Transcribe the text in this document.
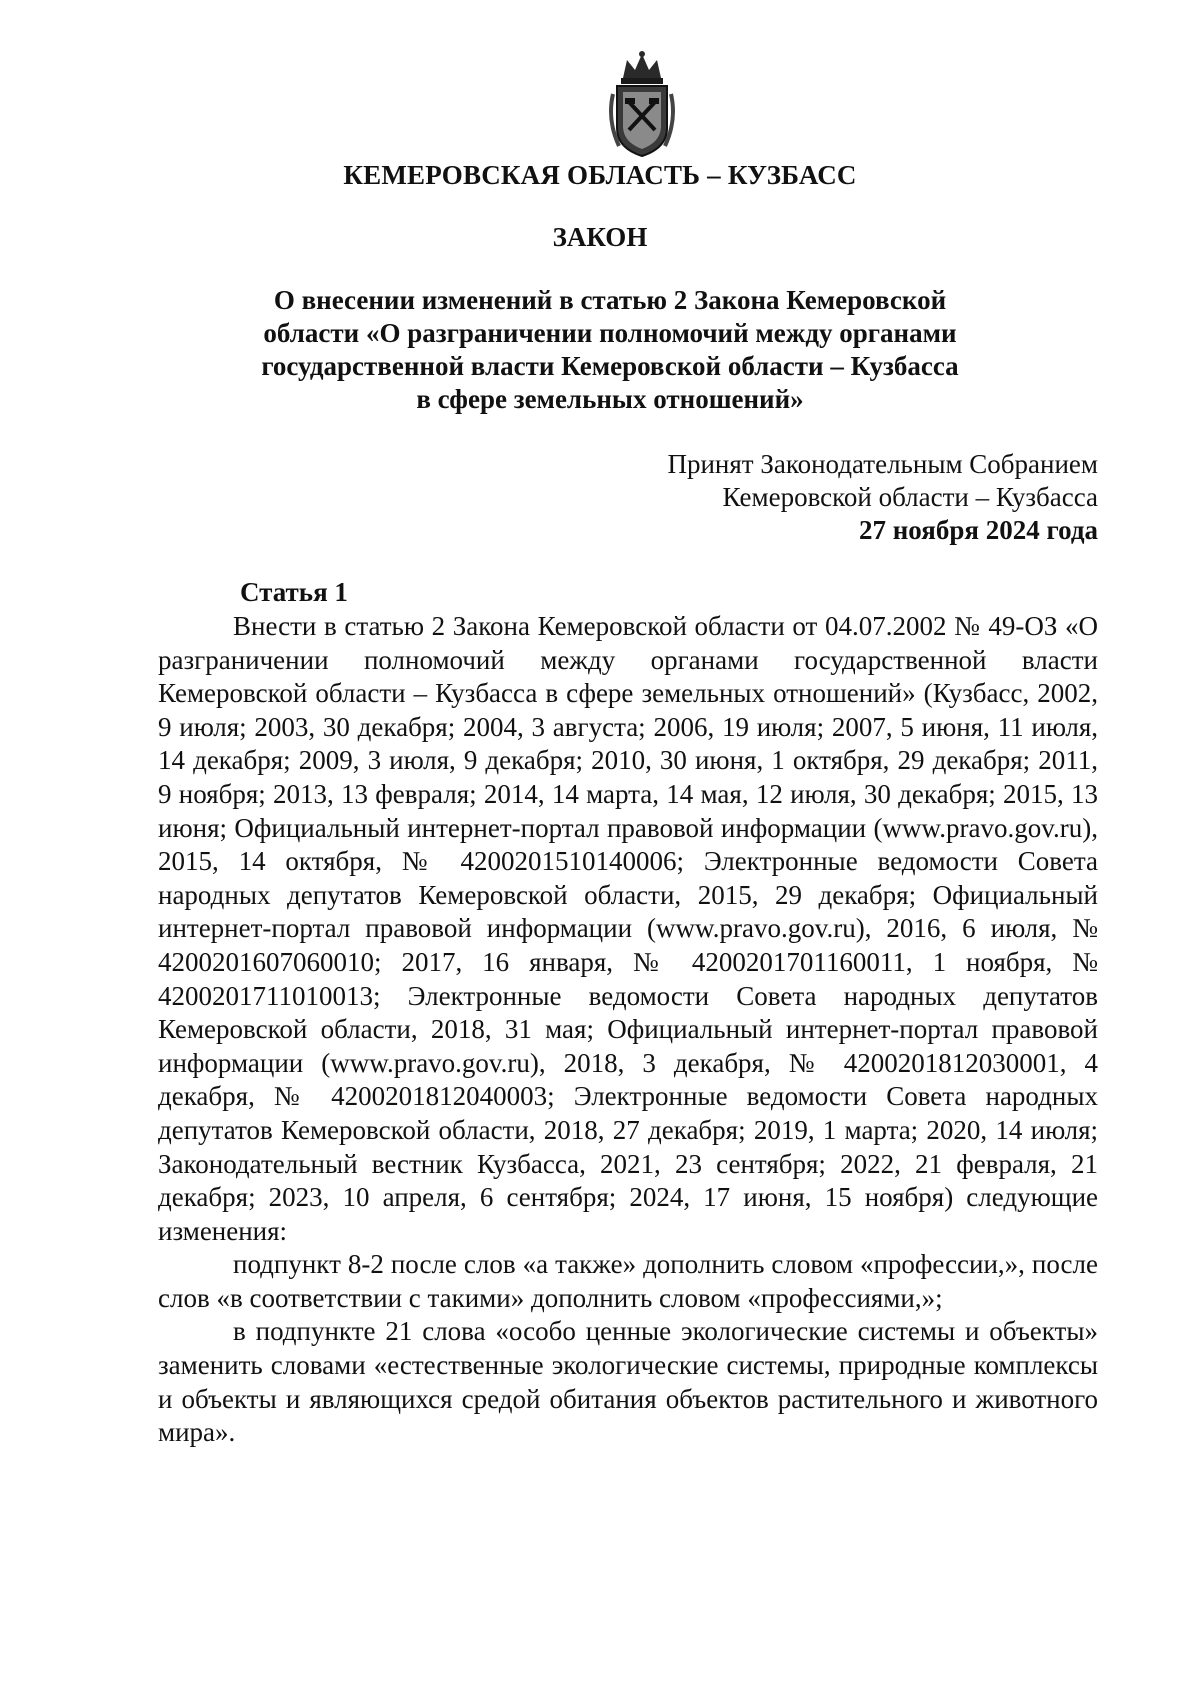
КЕМЕРОВСКАЯ ОБЛАСТЬ – КУЗБАСС
ЗАКОН
О внесении изменений в статью 2 Закона Кемеровской
области «О разграничении полномочий между органами
государственной власти Кемеровской области – Кузбасса
в сфере земельных отношений»
Принят Законодательным Собранием
Кемеровской области – Кузбасса
27 ноября 2024 года
Статья 1

Внести в статью 2 Закона Кемеровской области от 04.07.2002 № 49-ОЗ «О разграничении полномочий между органами государственной власти Кемеровской области – Кузбасса в сфере земельных отношений» (Кузбасс, 2002, 9 июля; 2003, 30 декабря; 2004, 3 августа; 2006, 19 июля; 2007, 5 июня, 11 июля, 14 декабря; 2009, 3 июля, 9 декабря; 2010, 30 июня, 1 октября, 29 декабря; 2011, 9 ноября; 2013, 13 февраля; 2014, 14 марта, 14 мая, 12 июля, 30 декабря; 2015, 13 июня; Официальный интернет-портал правовой информации (www.pravo.gov.ru), 2015, 14 октября, № 4200201510140006; Электронные ведомости Совета народных депутатов Кемеровской области, 2015, 29 декабря; Официальный интернет-портал правовой информации (www.pravo.gov.ru), 2016, 6 июля, № 4200201607060010; 2017, 16 января, № 4200201701160011, 1 ноября, № 4200201711010013; Электронные ведомости Совета народных депутатов Кемеровской области, 2018, 31 мая; Официальный интернет-портал правовой информации (www.pravo.gov.ru), 2018, 3 декабря, № 4200201812030001, 4 декабря, № 4200201812040003; Электронные ведомости Совета народных депутатов Кемеровской области, 2018, 27 декабря; 2019, 1 марта; 2020, 14 июля; Законодательный вестник Кузбасса, 2021, 23 сентября; 2022, 21 февраля, 21 декабря; 2023, 10 апреля, 6 сентября; 2024, 17 июня, 15 ноября) следующие изменения:

подпункт 8-2 после слов «а также» дополнить словом «профессии,», после слов «в соответствии с такими» дополнить словом «профессиями,»;

в подпункте 21 слова «особо ценные экологические системы и объекты» заменить словами «естественные экологические системы, природные комплексы и объекты и являющихся средой обитания объектов растительного и животного мира».
